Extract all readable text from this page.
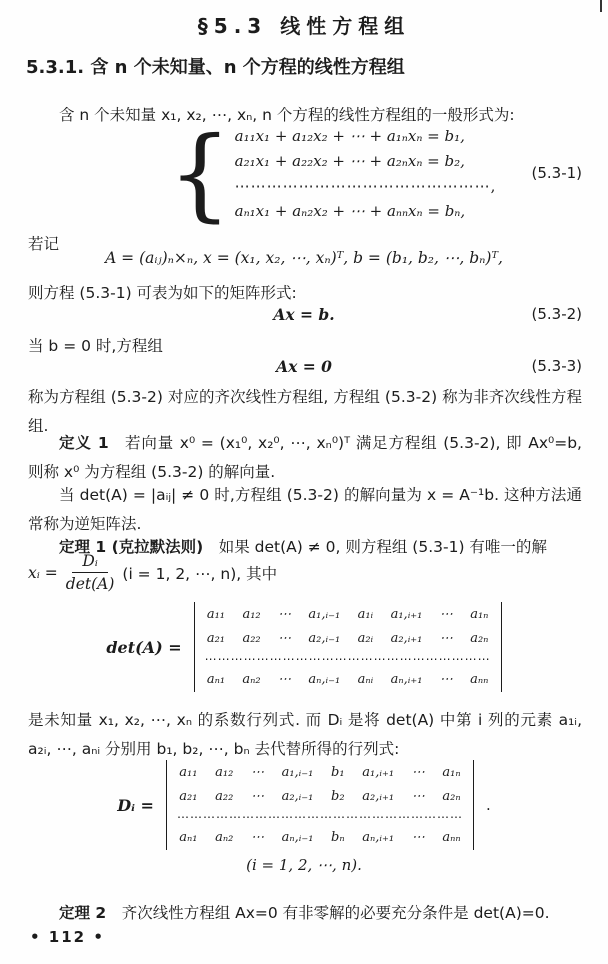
§5.3 线性方程组
5.3.1. 含 n 个未知量、n 个方程的线性方程组

含 n 个未知量 x₁, x₂, ⋯, xₙ, n 个方程的线性方程组的一般形式为:

{ a₁₁x₁ + a₁₂x₂ + ⋯ + a₁ₙxₙ = b₁,
a₂₁x₁ + a₂₂x₂ + ⋯ + a₂ₙxₙ = b₂,
⋯⋯⋯⋯⋯⋯⋯⋯⋯⋯⋯⋯⋯⋯⋯⋯,
aₙ₁x₁ + aₙ₂x₂ + ⋯ + aₙₙxₙ = bₙ,
(5.3-1)

若记

A = (aᵢⱼ)ₙ×ₙ, x = (x₁, x₂, ⋯, xₙ)ᵀ, b = (b₁, b₂, ⋯, bₙ)ᵀ,

则方程 (5.3-1) 可表为如下的矩阵形式:

Ax = b.	(5.3-2)

当 b = 0 时,方程组

Ax = 0	(5.3-3)

称为方程组 (5.3-2) 对应的齐次线性方程组, 方程组 (5.3-2) 称为非齐次线性方程组.

定义 1  若向量 x⁰ = (x₁⁰, x₂⁰, ⋯, xₙ⁰)ᵀ 满足方程组 (5.3-2), 即 Ax⁰=b, 则称 x⁰ 为方程组 (5.3-2) 的解向量.

当 det(A) = |aᵢⱼ| ≠ 0 时,方程组 (5.3-2) 的解向量为 x = A⁻¹b. 这种方法通常称为逆矩阵法.

定理 1 (克拉默法则)  如果 det(A) ≠ 0, 则方程组 (5.3-1) 有唯一的解

xᵢ = $\frac{\text{Dᵢ}}{\det(A)} (i = 1$, 2, ⋯, n), 其中
det(A) =
a₁₁ a₁₂ ⋯ a₁,ᵢ₋₁ a₁ᵢ a₁,ᵢ₊₁ ⋯ a₁ₙ
a₂₁ a₂₂ ⋯ a₂,ᵢ₋₁ a₂ᵢ a₂,ᵢ₊₁ ⋯ a₂ₙ
⋯⋯⋯⋯⋯⋯⋯⋯⋯⋯⋯⋯⋯⋯⋯⋯⋯⋯⋯⋯⋯⋯
aₙ₁ aₙ₂ ⋯ aₙ,ᵢ₋₁ aₙᵢ aₙ,ᵢ₊₁ ⋯ aₙₙ

是未知量 x₁, x₂, ⋯, xₙ 的系数行列式. 而 Dᵢ 是将 det(A) 中第 i 列的元素 a₁ᵢ, a₂ᵢ, ⋯, aₙᵢ 分别用 b₁, b₂, ⋯, bₙ 去代替所得的行列式:

Dᵢ =
a₁₁ a₁₂ ⋯ a₁,ᵢ₋₁ b₁ a₁,ᵢ₊₁ ⋯ a₁ₙ
a₂₁ a₂₂ ⋯ a₂,ᵢ₋₁ b₂ a₂,ᵢ₊₁ ⋯ a₂ₙ
⋯⋯⋯⋯⋯⋯⋯⋯⋯⋯⋯⋯⋯⋯⋯⋯⋯⋯⋯⋯⋯⋯
aₙ₁ aₙ₂ ⋯ aₙ,ᵢ₋₁ bₙ aₙ,ᵢ₊₁ ⋯ aₙₙ
.
(i = 1, 2, ⋯, n).

定理 2  齐次线性方程组 Ax=0 有非零解的必要充分条件是 det(A)=0.

• 112 •
